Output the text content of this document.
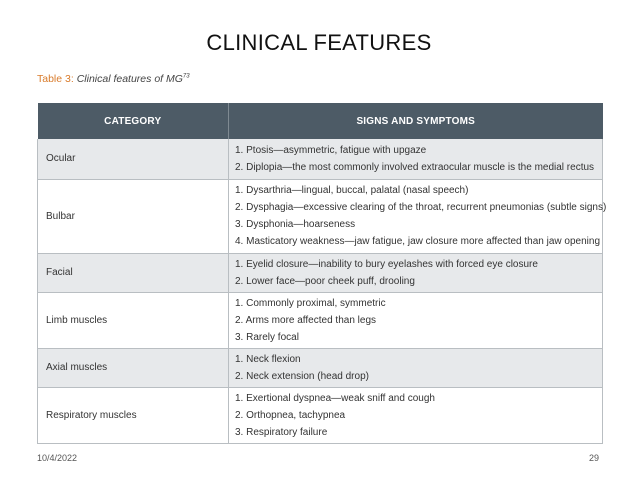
CLINICAL FEATURES
Table 3: Clinical features of MG$^{73}$
CATEGORY	SIGNS AND SYMPTOMS
Ocular	1. Ptosis—asymmetric, fatigue with upgaze
2. Diplopia—the most commonly involved extraocular muscle is the medial rectus

Bulbar	1. Dysarthria—lingual, buccal, palatal (nasal speech)
2. Dysphagia—excessive clearing of the throat, recurrent pneumonias (subtle signs)
3. Dysphonia—hoarseness
4. Masticatory weakness—jaw fatigue, jaw closure more affected than jaw opening

Facial	1. Eyelid closure—inability to bury eyelashes with forced eye closure
2. Lower face—poor cheek puff, drooling

Limb muscles	1. Commonly proximal, symmetric
2. Arms more affected than legs
3. Rarely focal

Axial muscles	1. Neck flexion
2. Neck extension (head drop)

Respiratory muscles	1. Exertional dyspnea—weak sniff and cough
2. Orthopnea, tachypnea
3. Respiratory failure
10/4/2022	29
